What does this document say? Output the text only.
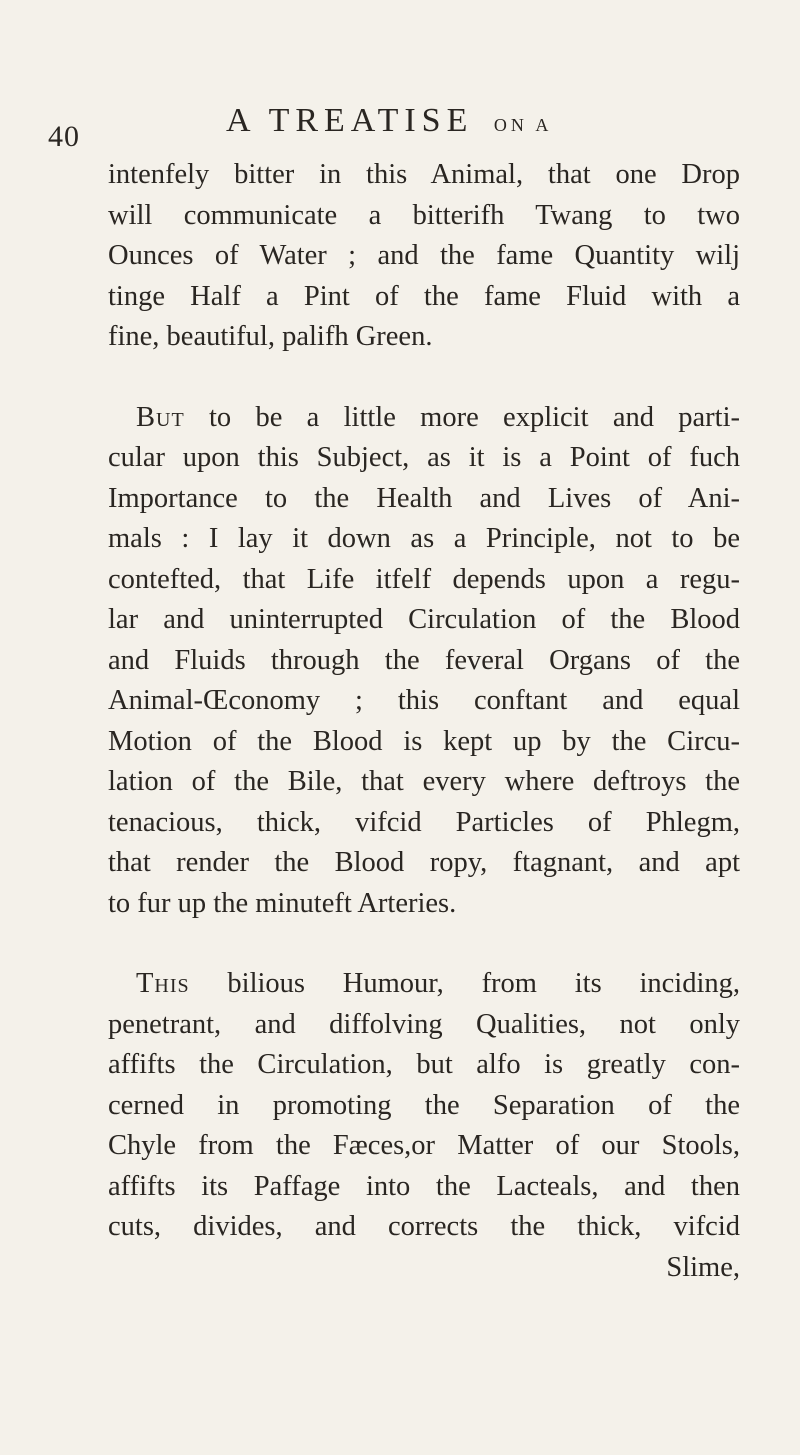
40	A TREATISE ON A
intenfely bitter in this Animal, that one Drop
will communicate a bitterifh Twang to two
Ounces of Water ; and the fame Quantity wilj
tinge Half a Pint of the fame Fluid with a
fine, beautiful, palifh Green.
But to be a little more explicit and parti-
cular upon this Subject, as it is a Point of fuch
Importance to the Health and Lives of Ani-
mals : I lay it down as a Principle, not to be
contefted, that Life itfelf depends upon a regu-
lar and uninterrupted Circulation of the Blood
and Fluids through the feveral Organs of the
Animal-Œconomy ; this conftant and equal
Motion of the Blood is kept up by the Circu-
lation of the Bile, that every where deftroys the
tenacious, thick, vifcid Particles of Phlegm,
that render the Blood ropy, ftagnant, and apt
to fur up the minuteft Arteries.
This bilious Humour, from its inciding,
penetrant, and diffolving Qualities, not only
affifts the Circulation, but alfo is greatly con-
cerned in promoting the Separation of the
Chyle from the Fæces,or Matter of our Stools,
affifts its Paffage into the Lacteals, and then
cuts, divides, and corrects the thick, vifcid
Slime,
